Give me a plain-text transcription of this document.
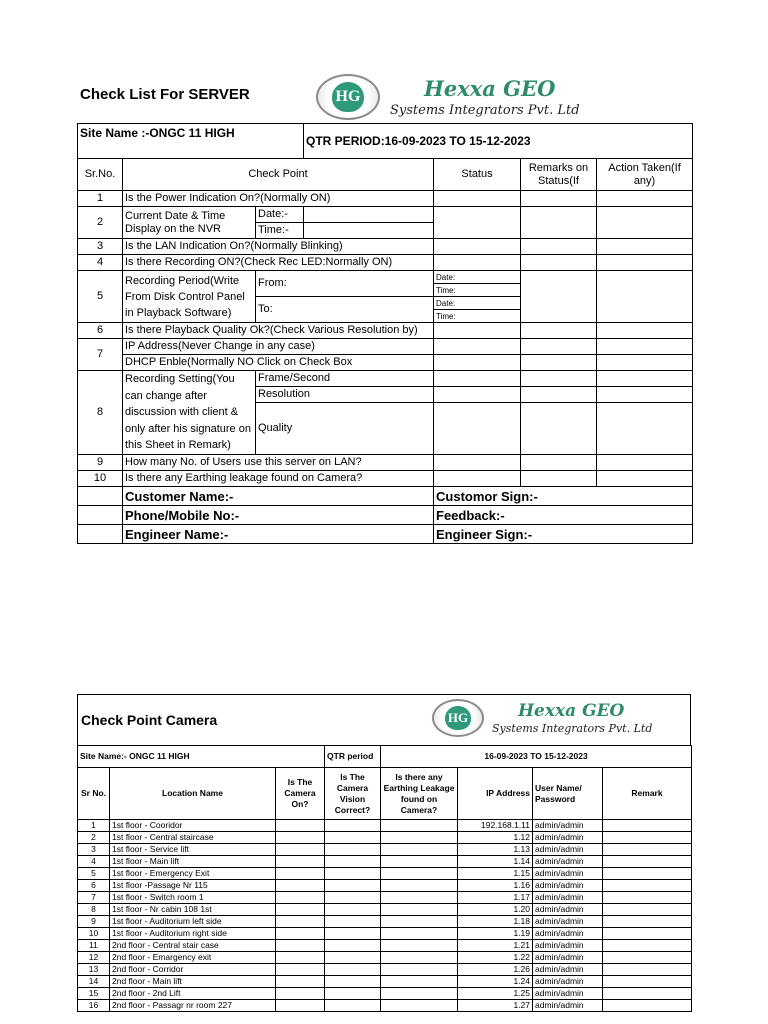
Check List For SERVER	HG	Hexxa GEO
Systems Integrators Pvt. Ltd
Site Name :-ONGC 11 HIGH			QTR PERIOD:16-09-2023 TO 15-12-2023			
Sr.No.	Check Point			Status	Remarks on Status(If	Action Taken(If any)
1	Is the Power Indication On?(Normally ON)					
2	Current Date & Time Display on the NVR	Date:-				
		Time:-				
3	Is the LAN Indication On?(Normally Blinking)					
4	Is there Recording ON?(Check Rec LED:Normally ON)					
5	Recording Period(Write From Disk Control Panel in Playback Software)	From:		Date:		
				Time:		
		To:		Date:		
				Time:		
6	Is there Playback Quality Ok?(Check Various Resolution by)					
7	IP Address(Never Change in any case)					
	DHCP Enble(Normally NO Click on Check Box					
8	Recording Setting(You can change after discussion with client & only after his signature on this Sheet in Remark)	Frame/Second				
		Resolution				
		Quality				
9	How many No. of Users use this server on LAN?					
10	Is there any Earthing leakage found on Camera?					
	Customer Name:-			Customor Sign:-		
	Phone/Mobile No:-			Feedback:-		
	Engineer Name:-			Engineer Sign:-		
Check Point Camera	HG	Hexxa GEO
Systems Integrators Pvt. Ltd
Site Name:- ONGC 11 HIGH	QTR period	16-09-2023 TO 15-12-2023
Sr No.	Location Name	Is The Camera On?	Is The Camera Vision Correct?	Is there any Earthing Leakage found on Camera?	IP Address	User Name/ Password	Remark
1	1st floor - Cooridor				192.168.1.11	admin/admin	
2	1st floor - Central staircase				1.12	admin/admin	
3	1st floor - Service lift				1.13	admin/admin	
4	1st floor - Main lift				1.14	admin/admin	
5	1st floor - Emergency Exit				1.15	admin/admin	
6	1st floor -Passage Nr 115				1.16	admin/admin	
7	1st floor - Switch room 1				1.17	admin/admin	
8	1st floor - Nr cabin 108 1st				1.20	admin/admin	
9	1st floor - Auditorium left side				1.18	admin/admin	
10	1st floor - Auditorium right side				1.19	admin/admin	
11	2nd floor - Central stair case				1.21	admin/admin	
12	2nd floor - Emargency exit				1.22	admin/admin	
13	2nd floor - Corridor				1.26	admin/admin	
14	2nd floor - Main lift				1.24	admin/admin	
15	2nd floor - 2nd Lift				1.25	admin/admin	
16	2nd floor - Passagr nr room 227				1.27	admin/admin	
